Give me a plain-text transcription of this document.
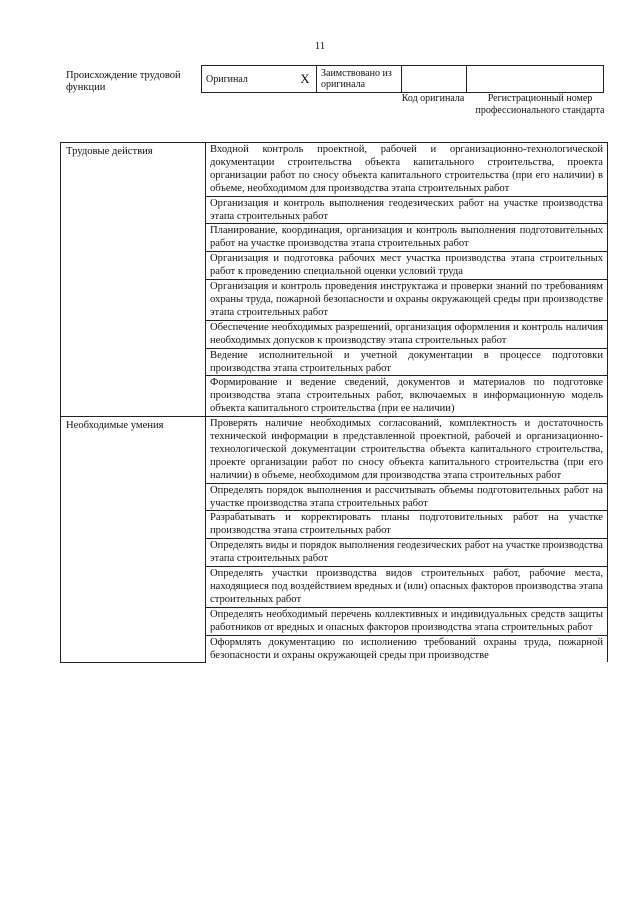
11
Происхождение трудовой функции
Оригинал	X	Заимствовано из оригинала		
Код оригинала	Регистрационный номер профессионального стандарта
Трудовые действия	Входной контроль проектной, рабочей и организационно-технологической документации строительства объекта капитального строительства, проекта организации работ по сносу объекта капитального строительства (при его наличии) в объеме, необходимом для производства этапа строительных работ
	Организация и контроль выполнения геодезических работ на участке производства этапа строительных работ
	Планирование, координация, организация и контроль выполнения подготовительных работ на участке производства этапа строительных работ
	Организация и подготовка рабочих мест участка производства этапа строительных работ к проведению специальной оценки условий труда
	Организация и контроль проведения инструктажа и проверки знаний по требованиям охраны труда, пожарной безопасности и охраны окружающей среды при производстве этапа строительных работ
	Обеспечение необходимых разрешений, организация оформления и контроль наличия необходимых допусков к производству этапа строительных работ
	Ведение исполнительной и учетной документации в процессе подготовки производства этапа строительных работ
	Формирование и ведение сведений, документов и материалов по подготовке производства этапа строительных работ, включаемых в информационную модель объекта капитального строительства (при ее наличии)
Необходимые умения	Проверять наличие необходимых согласований, комплектность и достаточность технической информации в представленной проектной, рабочей и организационно-технологической документации строительства объекта капитального строительства, проекте организации работ по сносу объекта капитального строительства (при его наличии) в объеме, необходимом для производства этапа строительных работ
	Определять порядок выполнения и рассчитывать объемы подготовительных работ на участке производства этапа строительных работ
	Разрабатывать и корректировать планы подготовительных работ на участке производства этапа строительных работ
	Определять виды и порядок выполнения геодезических работ на участке производства этапа строительных работ
	Определять участки производства видов строительных работ, рабочие места, находящиеся под воздействием вредных и (или) опасных факторов производства этапа строительных работ
	Определять необходимый перечень коллективных и индивидуальных средств защиты работников от вредных и опасных факторов производства этапа строительных работ
	Оформлять документацию по исполнению требований охраны труда, пожарной безопасности и охраны окружающей среды при производстве
